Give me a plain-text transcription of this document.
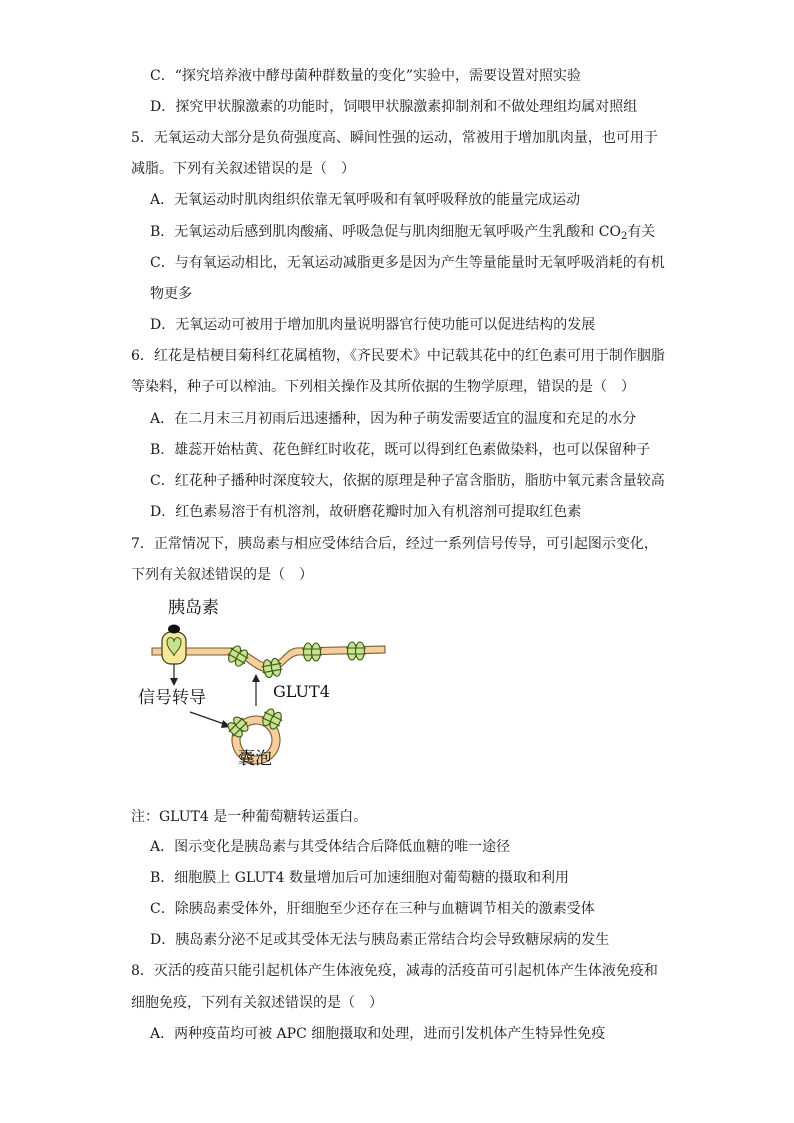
C．“探究培养液中酵母菌种群数量的变化”实验中，需要设置对照实验
D．探究甲状腺激素的功能时，饲喂甲状腺激素抑制剂和不做处理组均属对照组
5．无氧运动大部分是负荷强度高、瞬间性强的运动，常被用于增加肌肉量，也可用于
减脂。下列有关叙述错误的是（　）
A．无氧运动时肌肉组织依靠无氧呼吸和有氧呼吸释放的能量完成运动
B．无氧运动后感到肌肉酸痛、呼吸急促与肌肉细胞无氧呼吸产生乳酸和 $CO_2$有关
C．与有氧运动相比，无氧运动减脂更多是因为产生等量能量时无氧呼吸消耗的有机
物更多
D．无氧运动可被用于增加肌肉量说明器官行使功能可以促进结构的发展
6．红花是桔梗目菊科红花属植物，《齐民要术》中记载其花中的红色素可用于制作胭脂
等染料，种子可以榨油。下列相关操作及其所依据的生物学原理，错误的是（　）
A．在二月末三月初雨后迅速播种，因为种子萌发需要适宜的温度和充足的水分
B．雄蕊开始枯黄、花色鲜红时收花，既可以得到红色素做染料，也可以保留种子
C．红花种子播种时深度较大，依据的原理是种子富含脂肪，脂肪中氧元素含量较高
D．红色素易溶于有机溶剂，故研磨花瓣时加入有机溶剂可提取红色素
7．正常情况下，胰岛素与相应受体结合后，经过一系列信号传导，可引起图示变化，
下列有关叙述错误的是（　）
胰岛素
信号转导	GLUT4
囊泡
注：GLUT4 是一种葡萄糖转运蛋白。
A．图示变化是胰岛素与其受体结合后降低血糖的唯一途径
B．细胞膜上 GLUT4 数量增加后可加速细胞对葡萄糖的摄取和利用
C．除胰岛素受体外，肝细胞至少还存在三种与血糖调节相关的激素受体
D．胰岛素分泌不足或其受体无法与胰岛素正常结合均会导致糖尿病的发生
8．灭活的疫苗只能引起机体产生体液免疫，减毒的活疫苗可引起机体产生体液免疫和
细胞免疫，下列有关叙述错误的是（　）
A．两种疫苗均可被 APC 细胞摄取和处理，进而引发机体产生特异性免疫
